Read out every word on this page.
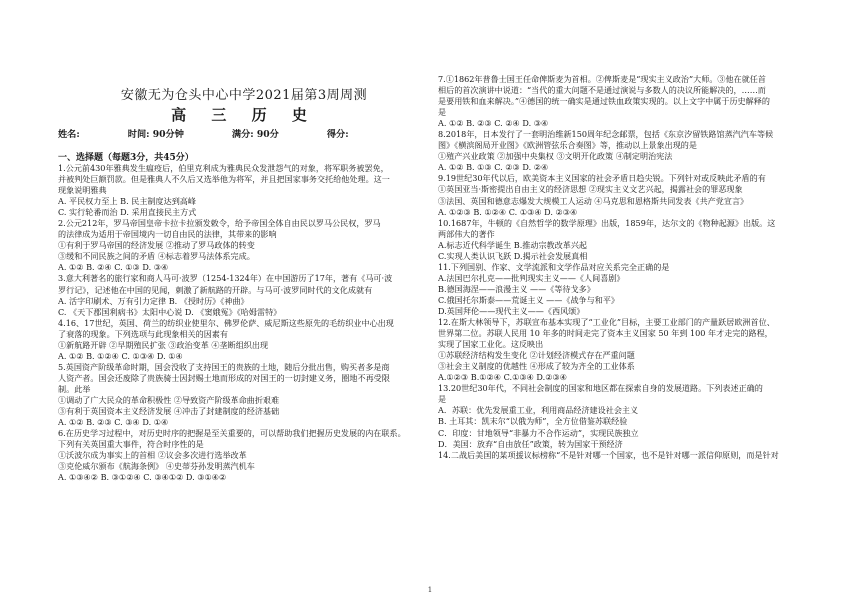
安徽无为仓头中心中学2021届第3周周测
高 三 历 史
姓名:	时间: 90分钟	满分: 90分	得分:
一、选择题（每题3分，共45分）
1.公元前430年雅典发生瘟疫后，伯里克利成为雅典民众发泄怨气的对象，将军职务被罢免，
并被判处巨额罚款。但是雅典人不久后又选举他为将军，并且把国家事务交托给他处理。这一
现象说明雅典
A. 平民权力至上 B. 民主制度达到高峰
C. 实行轮番而治 D. 采用直接民主方式
2.公元212年，罗马帝国皇帝卡拉卡拉颁发敕令，给予帝国全体自由民以罗马公民权，罗马
的法律成为适用于帝国境内一切自由民的法律，其带来的影响
①有利于罗马帝国的经济发展 ②推动了罗马政体的转变
③缓和不同民族之间的矛盾 ④标志着罗马法体系完成。
A. ①② B. ②④ C. ①③ D. ③④
3.意大利著名的旅行家和商人马可·波罗（1254-1324年）在中国游历了17年，著有《马可·波
罗行记》，记述他在中国的见闻，刺激了新航路的开辟。与马可·波罗同时代的文化成就有
A. 活字印刷术、万有引力定律 B. 《授时历》《神曲》
C. 《天下郡国利病书》太阳中心说 D. 《窦娥冤》《哈姆雷特》
4.16、17世纪，英国、荷兰的纺织业使里尔、佛罗伦萨、威尼斯这些原先的毛纺织业中心出现
了衰落的现象。下列选项与此现象相关的因素有
①新航路开辟 ②早期殖民扩张 ③政治变革 ④垄断组织出现
A. ①② B. ①②④ C. ①③④ D. ①④
5.英国资产阶级革命时期，国会没收了支持国王的贵族的土地，随后分批出售，购买者多是商
人资产者。国会还废除了贵族骑士因封赐土地而形成的对国王的一切封建义务，圈地不再受限
制。此举
①调动了广大民众的革命积极性 ②导致资产阶级革命曲折艰难
③有利于英国资本主义经济发展 ④冲击了封建制度的经济基础
A. ①② B. ②③ C. ③④ D. ①④
6.在历史学习过程中，对历史时序的把握是至关重要的，可以帮助我们把握历史发展的内在联系。
下列有关英国重大事件，符合时序性的是
①沃波尔成为事实上的首相 ②议会多次进行选举改革
③克伦威尔颁布《航海条例》 ④史蒂芬孙发明蒸汽机车
A. ①③④② B. ③①②④ C. ③④①② D. ③①④②
7.①1862年普鲁士国王任命俾斯麦为首相。②俾斯麦是“现实主义政治”大师。③他在就任首
相后的首次演讲中说道：“当代的重大问题不是通过演说与多数人的决议所能解决的，……而
是要用铁和血来解决。”④德国的统一确实是通过铁血政策实现的。以上文字中属于历史解释的
是
A. ①② B. ②③ C. ②④ D. ③④
8.2018年，日本发行了一套明治维新150周年纪念邮票，包括《东京汐留铁路馆蒸汽汽车等候
图》《横滨阁局开业图》《欧洲管弦乐合奏图》等，推动以上景象出现的是
①殖产兴业政策 ②加强中央集权 ③文明开化政策 ④制定明治宪法
A. ①② B. ①③ C. ②③ D. ②④
9.19世纪30年代以后，欧美资本主义国家的社会矛盾日趋尖锐。下列针对或反映此矛盾的有
①英国亚当·斯密提出自由主义的经济思想 ②现实主义文艺兴起，揭露社会的罪恶现象
③法国、英国和德意志爆发大规模工人运动 ④马克思和恩格斯共同发表《共产党宣言》
A. ①②③ B. ①②④ C. ①③④ D. ②③④
10.1687年，牛顿的《自然哲学的数学原理》出版，1859年，达尔文的《物种起源》出版。这
两部伟大的著作
A.标志近代科学诞生 B.推动宗教改革兴起
C.实现人类认识飞跃 D.揭示社会发展真相
11.下列国别、作家、文学流派和文学作品对应关系完全正确的是
A.法国巴尔扎克——批判现实主义——《人间喜剧》
B.德国海涅——浪漫主义 ——《等待戈多》
C.俄国托尔斯泰——荒诞主义 ——《战争与和平》
D.英国拜伦——现代主义——《西风颂》
12.在斯大林领导下，苏联宣布基本实现了“工业化”目标，主要工业部门的产量跃居欧洲首位、
世界第二位。苏联人民用 10 年多的时间走完了资本主义国家 50 年到 100 年才走完的路程，
实现了国家工业化。这反映出
①苏联经济结构发生变化 ②计划经济模式存在严重问题
③社会主义制度的优越性 ④形成了较为齐全的工业体系
A.①②③ B.①②④ C.①③④ D.②③④
13.20世纪30年代，不同社会制度的国家和地区都在探索自身的发展道路。下列表述正确的
是
A．苏联：优先发展重工业，利用商品经济建设社会主义
B. 土耳其：凯末尔“以俄为师”，全方位借鉴苏联经验
C．印度：甘地领导“非暴力不合作运动”，实现民族独立
D．美国：放弃“自由放任”政策，转为国家干预经济
14.二战后美国的某项援议标榜称“不是针对哪一个国家，也不是针对哪一派信仰原则，而是针对
1
